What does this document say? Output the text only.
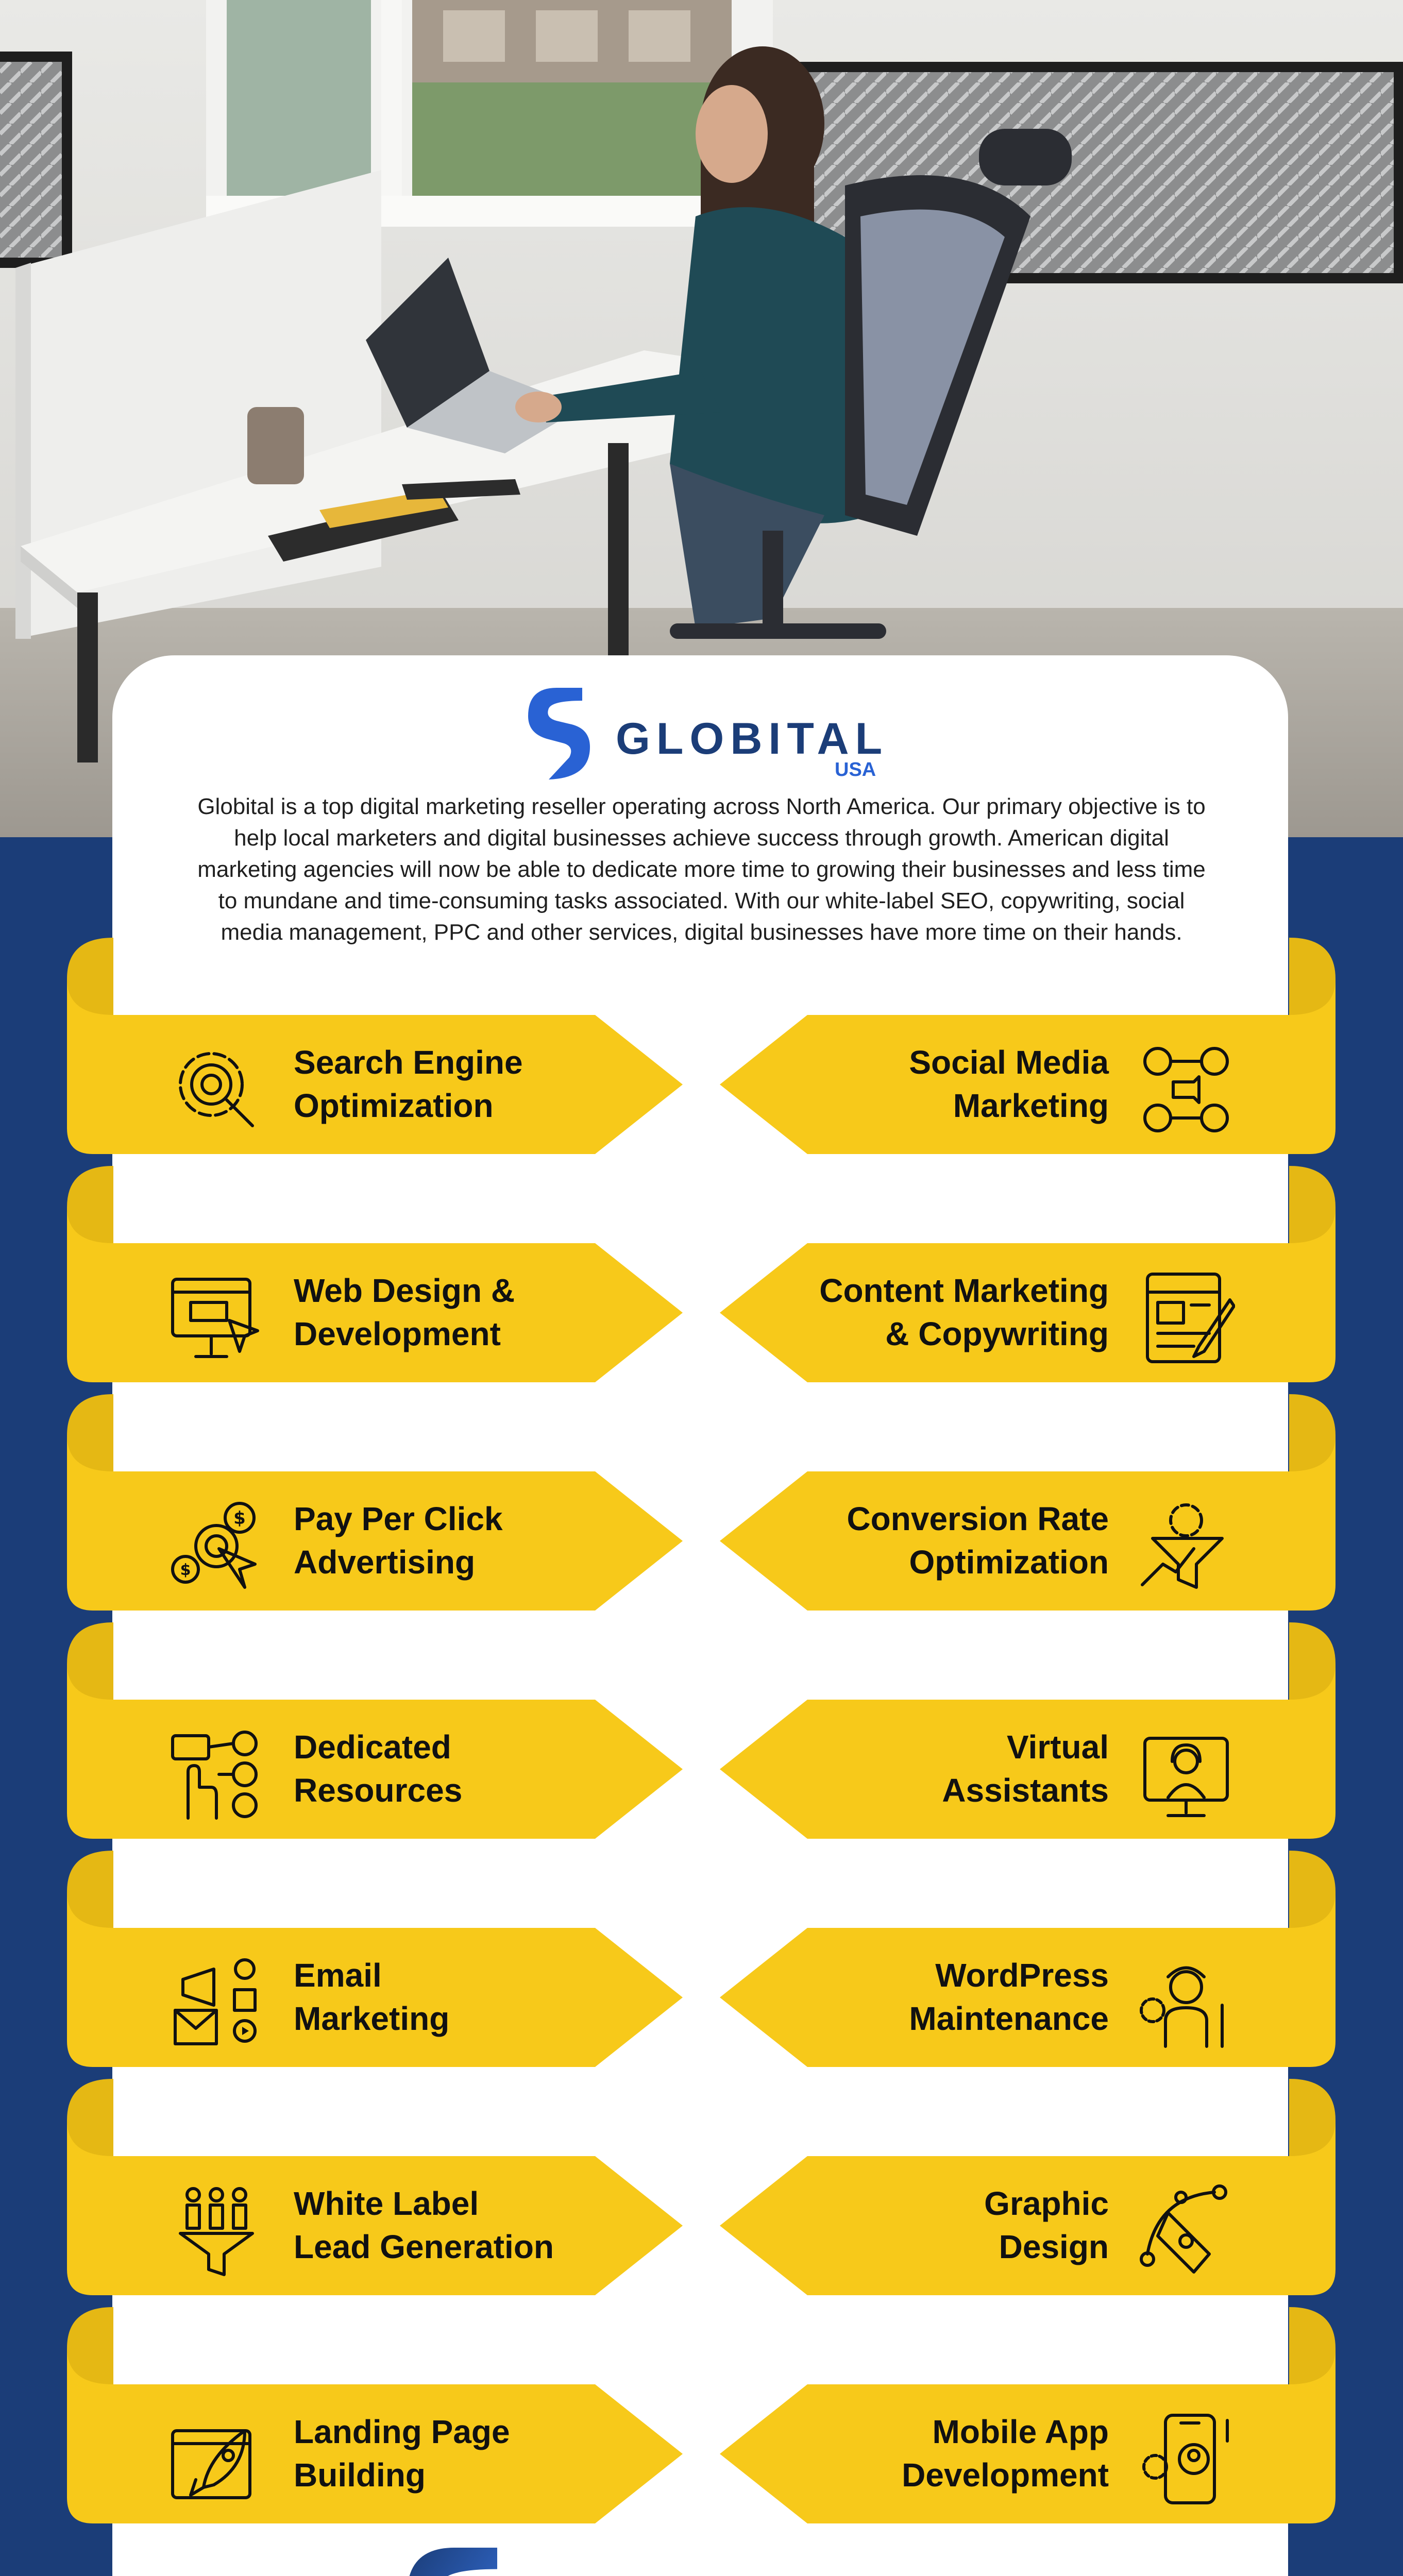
GLOBITAL
USA
Globital is a top digital marketing reseller operating across North America. Our primary objective is to help local marketers and digital businesses achieve success through growth. American digital marketing agencies will now be able to dedicate more time to growing their businesses and less time to mundane and time-consuming tasks associated. With our white-label SEO, copywriting, social media management, PPC and other services, digital businesses have more time on their hands.
Search Engine
Optimization
Social Media
Marketing
Web Design &
Development
Content Marketing
& Copywriting
$
$
Pay Per Click
Advertising
Conversion Rate
Optimization
Dedicated
Resources
Virtual
Assistants
Email
Marketing
WordPress
Maintenance
White Label
Lead Generation
Graphic
Design
Landing Page
Building
Mobile App
Development
